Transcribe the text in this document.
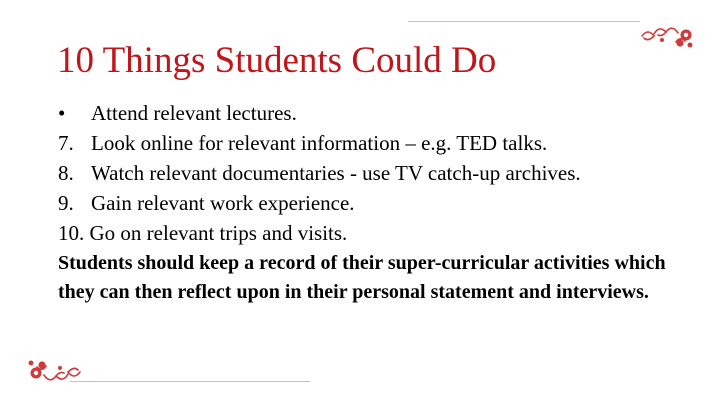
10 Things Students Could Do
• Attend relevant lectures.
7. Look online for relevant information – e.g. TED talks.
8. Watch relevant documentaries - use TV catch-up archives.
9. Gain relevant work experience.
10. Go on relevant trips and visits.
Students should keep a record of their super-curricular activities which they can then reflect upon in their personal statement and interviews.
